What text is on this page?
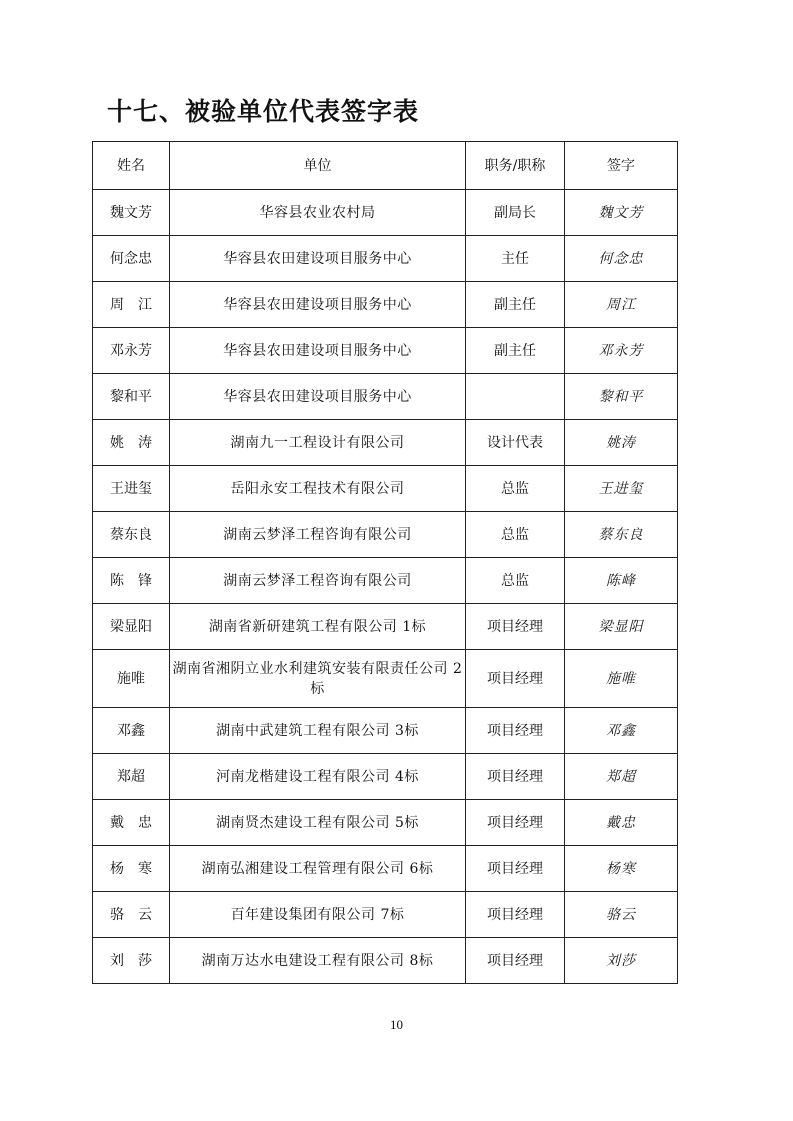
十七、被验单位代表签字表
姓名	单位	职务/职称	签字
魏文芳	华容县农业农村局	副局长	魏文芳
何念忠	华容县农田建设项目服务中心	主任	何念忠
周　江	华容县农田建设项目服务中心	副主任	周江
邓永芳	华容县农田建设项目服务中心	副主任	邓永芳
黎和平	华容县农田建设项目服务中心		黎和平
姚　涛	湖南九一工程设计有限公司	设计代表	姚涛
王进玺	岳阳永安工程技术有限公司	总监	王进玺
蔡东良	湖南云梦泽工程咨询有限公司	总监	蔡东良
陈　锋	湖南云梦泽工程咨询有限公司	总监	陈峰
梁显阳	湖南省新研建筑工程有限公司 1标	项目经理	梁显阳
施唯	湖南省湘阴立业水利建筑安装有限责任公司 2标	项目经理	施唯
邓鑫	湖南中武建筑工程有限公司 3标	项目经理	邓鑫
郑超	河南龙楷建设工程有限公司 4标	项目经理	郑超
戴　忠	湖南贤杰建设工程有限公司 5标	项目经理	戴忠
杨　寒	湖南弘湘建设工程管理有限公司 6标	项目经理	杨寒
骆　云	百年建设集团有限公司 7标	项目经理	骆云
刘　莎	湖南万达水电建设工程有限公司 8标	项目经理	刘莎
10
